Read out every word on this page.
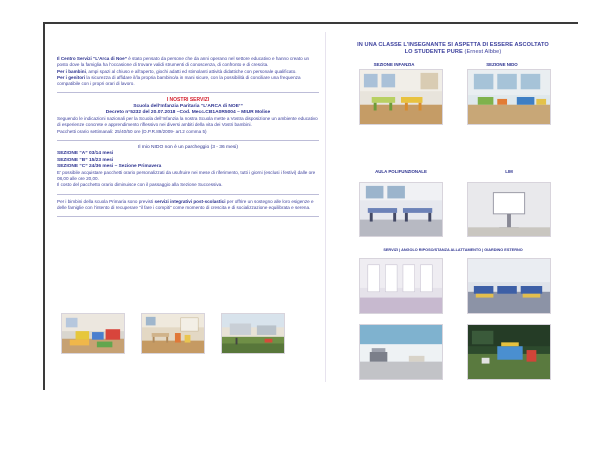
Il Centro Servizi “L’Arca di Noe” è stato pensato da persone che da anni operano nel settore educativo e hanno creato un posto dove la famiglia ha l’occasione di trovare validi strumenti di conoscenza, di confronto e di crescita.

Per i bambini, ampi spazi al chiuso e all’aperto, giochi adatti ed stimolanti attività didattiche con personale qualificato.

Per i genitori la sicurezza di affidare il/la propria bambino/a in mani sicure, con la possibilità di conciliare una frequenza compatibile con i propri orari di lavoro.

I NOSTRI SERVIZI
Scuola dell’Infanzia Paritaria “L’ARCA di NOE’”
Decreto n°5232 del 20.07.2018 –Cod. Mecc.CB1A0R5004 – MIUR Molise

Seguendo le indicazioni nazionali per la Scuola dell’Infanzia la nostra Scuola mette a Vostra disposizione un ambiente educativo di esperienze concrete e apprendimento riflessivo nei diversi ambiti della vita dei Vostri bambini.

Pacchetti orario settimanali: 25/40/50 ore (D.P.R.89/2009- art.2 comma 5)

Il mio NIDO non è un parcheggio (3 - 36 mesi)
SEZIONE “A” 03/14 mesi
SEZIONE “B” 15/23 mesi
SEZIONE “C” 24/36 mesi – Sezione Primavera

E’ possibile acquistare pacchetti orario personalizzati da usufruire nei mese di riferimento, tutti i giorni (esclusi i festivi) dalle ore 08,00 alle ore 20,00.

Il costo del pacchetto orario diminuisce con il passaggio alla Sezione Successiva.

Per i bimbini della scuola Primaria sono previsti servizi integrativi post-scolastici per offrire un sostegno alle loro esigenze e delle famiglie con l’intento di recuperare “il fare i compiti” come momento di crescita e di socializzazione equilibrata e serena.

IN UNA CLASSE L’INSEGNANTE SI ASPETTA DI ESSERE ASCOLTATO
LO STUDENTE PURE (Ernest Albbe)
SEZIONE INFANZIA	SEZIONE NIDO
AULA POLIFUNZIONALE	LIM
SERVIZI | ANGOLO RIPOSO/STANZA ALLATTAMENTO | GIARDINO ESTERNO
